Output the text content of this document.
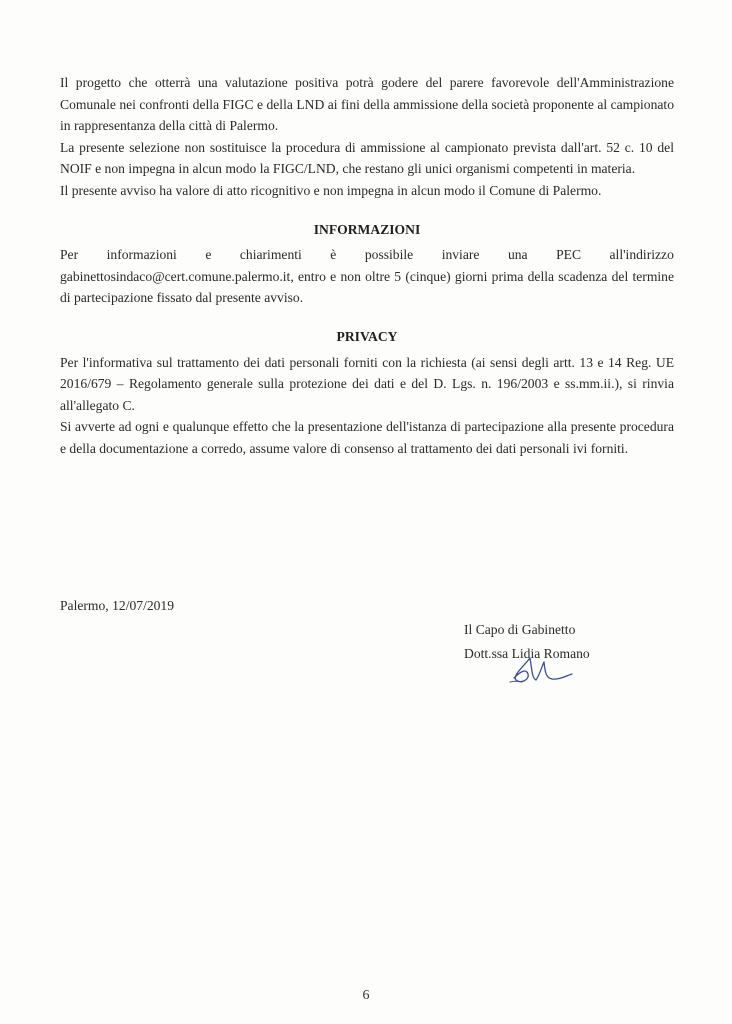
Il progetto che otterrà una valutazione positiva potrà godere del parere favorevole dell'Amministrazione Comunale nei confronti della FIGC e della LND ai fini della ammissione della società proponente al campionato in rappresentanza della città di Palermo.

La presente selezione non sostituisce la procedura di ammissione al campionato prevista dall'art. 52 c. 10 del NOIF e non impegna in alcun modo la FIGC/LND, che restano gli unici organismi competenti in materia.

Il presente avviso ha valore di atto ricognitivo e non impegna in alcun modo il Comune di Palermo.

INFORMAZIONI
Per informazioni e chiarimenti è possibile inviare una PEC all'indirizzo

gabinettosindaco@cert.comune.palermo.it, entro e non oltre 5 (cinque) giorni prima della scadenza del termine di partecipazione fissato dal presente avviso.

PRIVACY

Per l'informativa sul trattamento dei dati personali forniti con la richiesta (ai sensi degli artt. 13 e 14 Reg. UE 2016/679 – Regolamento generale sulla protezione dei dati e del D. Lgs. n. 196/2003 e ss.mm.ii.), si rinvia all'allegato C.

Si avverte ad ogni e qualunque effetto che la presentazione dell'istanza di partecipazione alla presente procedura e della documentazione a corredo, assume valore di consenso al trattamento dei dati personali ivi forniti.

Palermo, 12/07/2019
Il Capo di Gabinetto
Dott.ssa Lidia Romano
6
